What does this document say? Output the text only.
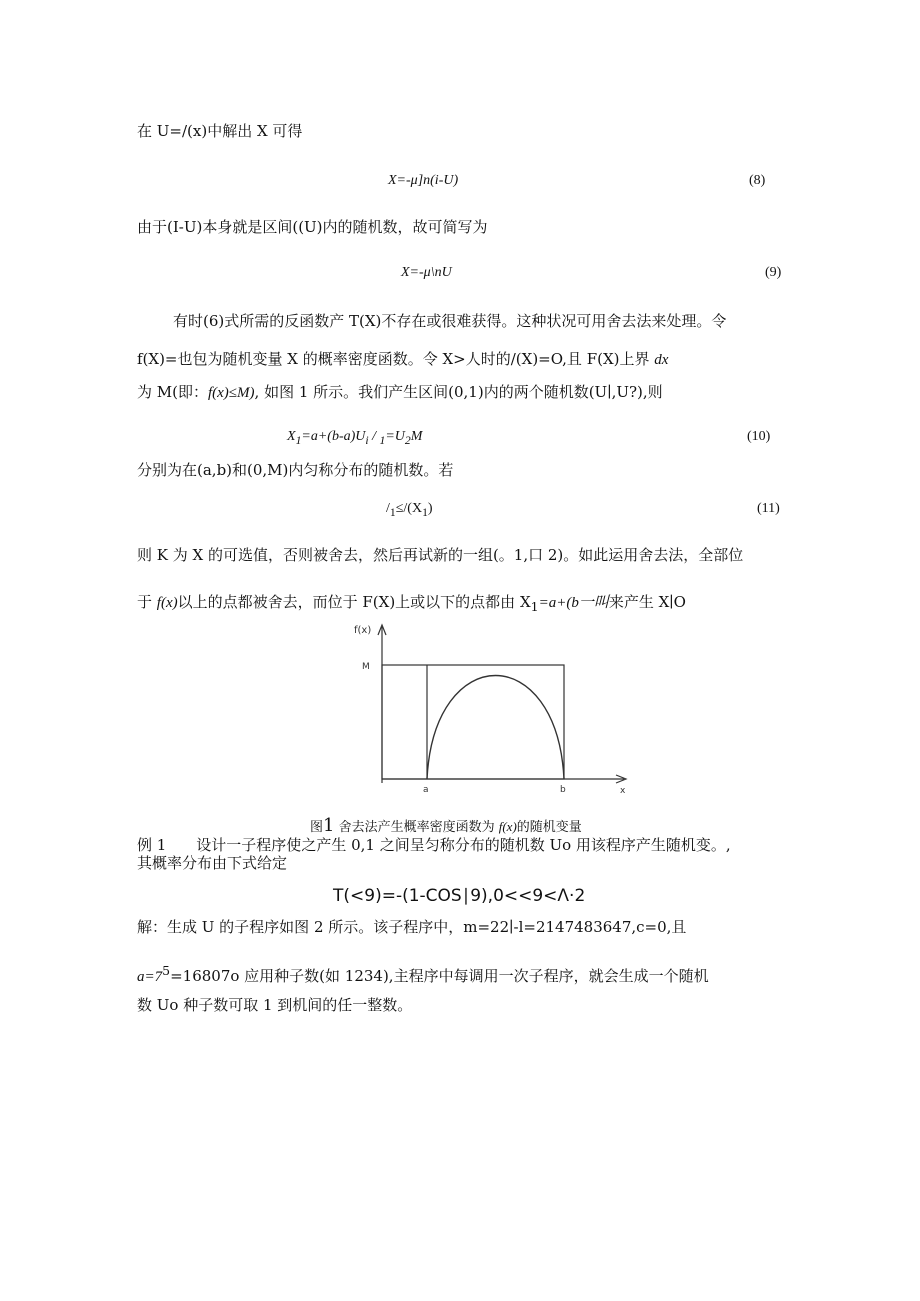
在 U=/(x)中解出 X 可得
X=-μ]n(i-U)	(8)
由于(I-U)本身就是区间((U)内的随机数，故可简写为
X=-μ\nU	(9)
有时(6)式所需的反函数产 T(X)不存在或很难获得。这种状况可用舍去法来处理。令
f(X)=也包为随机变量 X 的概率密度函数。令 X>人时的/(X)=O,且 F(X)上界 dx
为 M(即：f(x)≤M), 如图 1 所示。我们产生区间(0,1)内的两个随机数(U∣,U?),则
$X_1=a+(b-a)U_i / _1=U_2M$	(10)
分别为在(a,b)和(0,M)内匀称分布的随机数。若
$/_1\le/(X_1)$	(11)
则 K 为 X 的可选值，否则被舍去，然后再试新的一组(。1,口 2)。如此运用舍去法，全部位
于 f(x)以上的点都被舍去，而位于 F(X)上或以下的点都由 $X_1=a+(b$一叫来产生 X∣O
f(x)
M
a	b	x
图1 舍去法产生概率密度函数为 f(x)的随机变量
例 1　　设计一子程序使之产生 0,1 之间呈匀称分布的随机数 Uo 用该程序产生随机变。,
其概率分布由下式给定
T(<9)=-(1-COS∣9),0<<9<Λ·2
解：生成 U 的子程序如图 2 所示。该子程序中，m=22∣-l=2147483647,c=0,且
$a=7^5=16807o$ 应用种子数(如 1234),主程序中每调用一次子程序，就会生成一个随机
数 Uo 种子数可取 1 到机间的任一整数。
